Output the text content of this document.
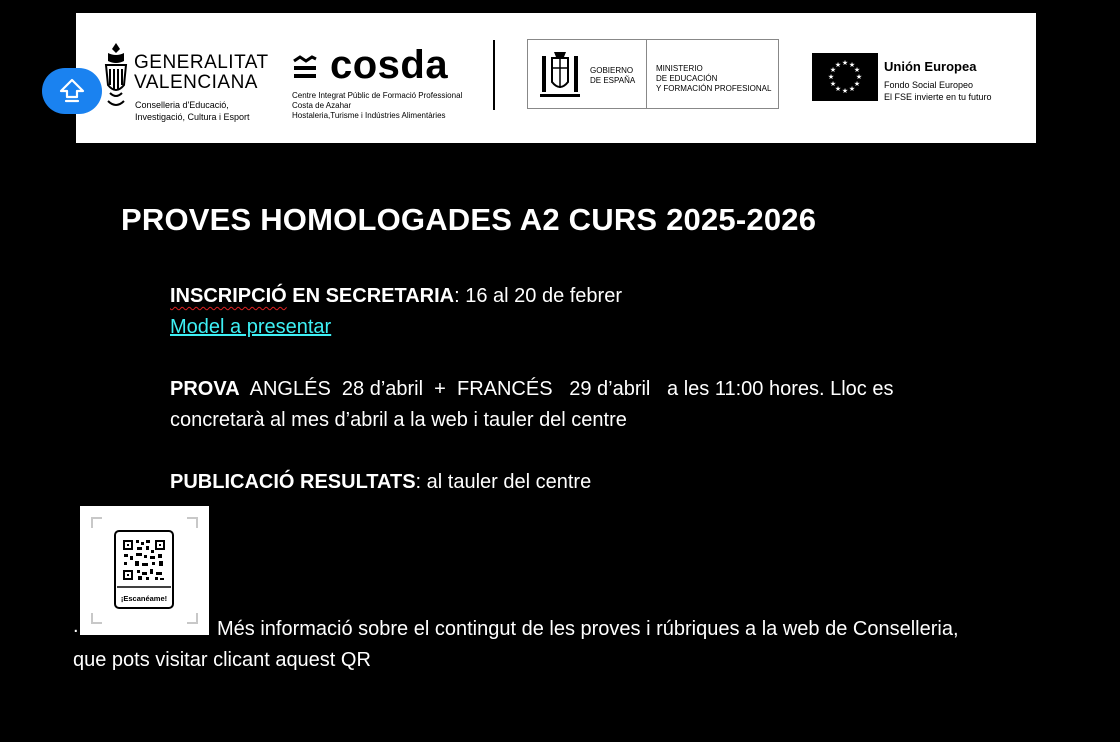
GENERALITAT
VALENCIANA
Conselleria d'Educació,
Investigació, Cultura i Esport
cosda
Centre Integrat Públic de Formació Professional
Costa de Azahar
Hostaleria,Turisme i Indústries Alimentàries
GOBIERNO
DE ESPAÑA
MINISTERIO
DE EDUCACIÓN
Y FORMACIÓN PROFESIONAL
★ ★
★
★
★
★
★
★
★
★
★
★	Unión Europea
Fondo Social Europeo
El FSE invierte en tu futuro
PROVES HOMOLOGADES A2 CURS 2025-2026

INSCRIPCIÓ EN SECRETARIA: 16 al 20 de febrer

Model a presentar

PROVA  ANGLÉS  28 d’abril  +  FRANCÉS   29 d’abril   a les 11:00 hores. Lloc es

concretarà al mes d’abril a la web i tauler del centre

PUBLICACIÓ RESULTATS: al tauler del centre

¡Escanéame!
.	Més informació sobre el contingut de les proves i rúbriques a la web de Conselleria,
que pots visitar clicant aquest QR
